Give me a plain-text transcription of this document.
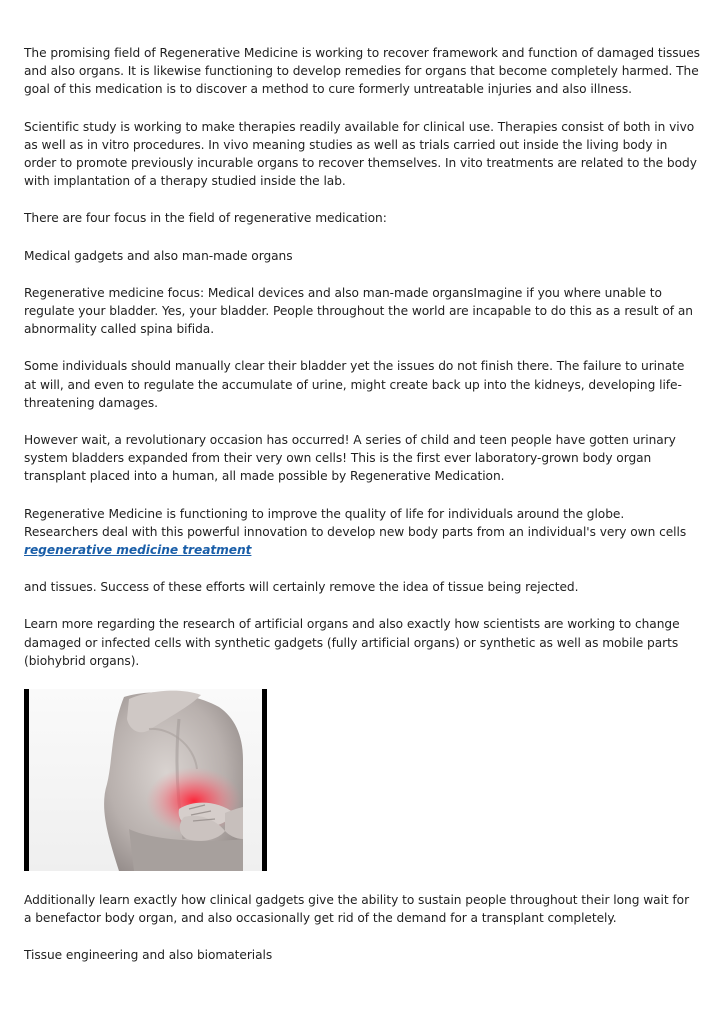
The promising field of Regenerative Medicine is working to recover framework and function of damaged tissues and also organs. It is likewise functioning to develop remedies for organs that become completely harmed. The goal of this medication is to discover a method to cure formerly untreatable injuries and also illness.

Scientific study is working to make therapies readily available for clinical use. Therapies consist of both in vivo as well as in vitro procedures. In vivo meaning studies as well as trials carried out inside the living body in order to promote previously incurable organs to recover themselves. In vito treatments are related to the body with implantation of a therapy studied inside the lab.

There are four focus in the field of regenerative medication:

Medical gadgets and also man-made organs

Regenerative medicine focus: Medical devices and also man-made organsImagine if you where unable to regulate your bladder. Yes, your bladder. People throughout the world are incapable to do this as a result of an abnormality called spina bifida.

Some individuals should manually clear their bladder yet the issues do not finish there. The failure to urinate at will, and even to regulate the accumulate of urine, might create back up into the kidneys, developing life-threatening damages.

However wait, a revolutionary occasion has occurred! A series of child and teen people have gotten urinary system bladders expanded from their very own cells! This is the first ever laboratory-grown body organ transplant placed into a human, all made possible by Regenerative Medication.

Regenerative Medicine is functioning to improve the quality of life for individuals around the globe. Researchers deal with this powerful innovation to develop new body parts from an individual's very own cells regenerative medicine treatment

and tissues. Success of these efforts will certainly remove the idea of tissue being rejected.

Learn more regarding the research of artificial organs and also exactly how scientists are working to change damaged or infected cells with synthetic gadgets (fully artificial organs) or synthetic as well as mobile parts (biohybrid organs).

Additionally learn exactly how clinical gadgets give the ability to sustain people throughout their long wait for a benefactor body organ, and also occasionally get rid of the demand for a transplant completely.

Tissue engineering and also biomaterials
